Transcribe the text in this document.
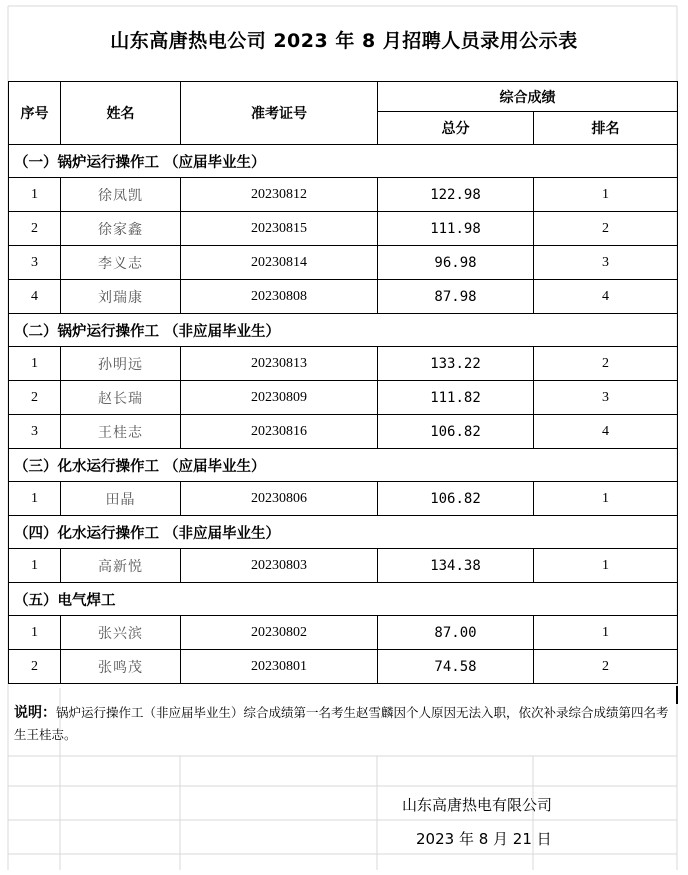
山东高唐热电公司 2023 年 8 月招聘人员录用公示表
序号	姓名	准考证号	综合成绩	
			总分	排名
（一）锅炉运行操作工 （应届毕业生）				
1	徐凤凯	20230812	122.98	1
2	徐家鑫	20230815	111.98	2
3	李义志	20230814	96.98	3
4	刘瑞康	20230808	87.98	4
（二）锅炉运行操作工 （非应届毕业生）				
1	孙明远	20230813	133.22	2
2	赵长瑞	20230809	111.82	3
3	王桂志	20230816	106.82	4
（三）化水运行操作工 （应届毕业生）				
1	田晶	20230806	106.82	1
（四）化水运行操作工 （非应届毕业生）				
1	高新悦	20230803	134.38	1
（五）电气焊工				
1	张兴滨	20230802	87.00	1
2	张鸣茂	20230801	74.58	2
说明：锅炉运行操作工（非应届毕业生）综合成绩第一名考生赵雪麟因个人原因无法入职，依次补录综合成绩第四名考生王桂志。
山东高唐热电有限公司
2023 年 8 月 21 日
